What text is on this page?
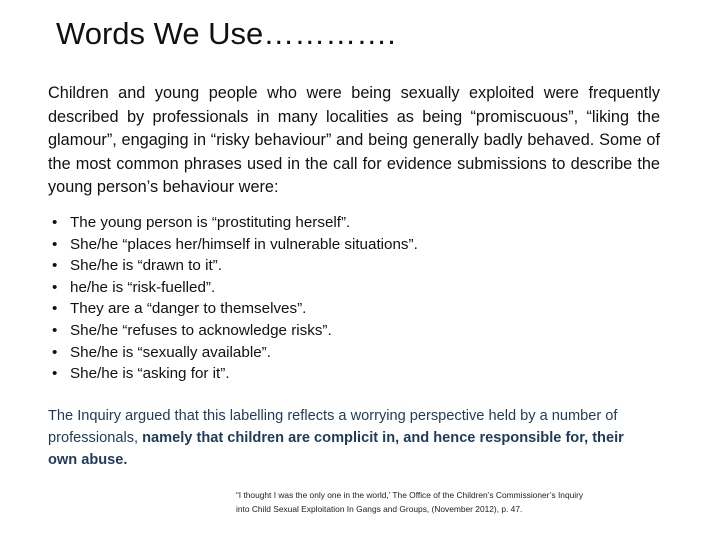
Words We Use………….

Children and young people who were being sexually exploited were frequently described by professionals in many localities as being “promiscuous”, “liking the glamour”, engaging in “risky behaviour” and being generally badly behaved. Some of the most common phrases used in the call for evidence submissions to describe the young person’s behaviour were:

• The young person is “prostituting herself”.
• She/he “places her/himself in vulnerable situations”.
• She/he is “drawn to it”.
• he/he is “risk-fuelled”.
• They are a “danger to themselves”.
• She/he “refuses to acknowledge risks”.
• She/he is “sexually available”.
• She/he is “asking for it”.

The Inquiry argued that this labelling reflects a worrying perspective held by a number of professionals, namely that children are complicit in, and hence responsible for, their own abuse.

“I thought I was the only one in the world,’ The Office of the Children’s Commissioner’s Inquiry
into Child Sexual Exploitation In Gangs and Groups, (November 2012), p. 47.
